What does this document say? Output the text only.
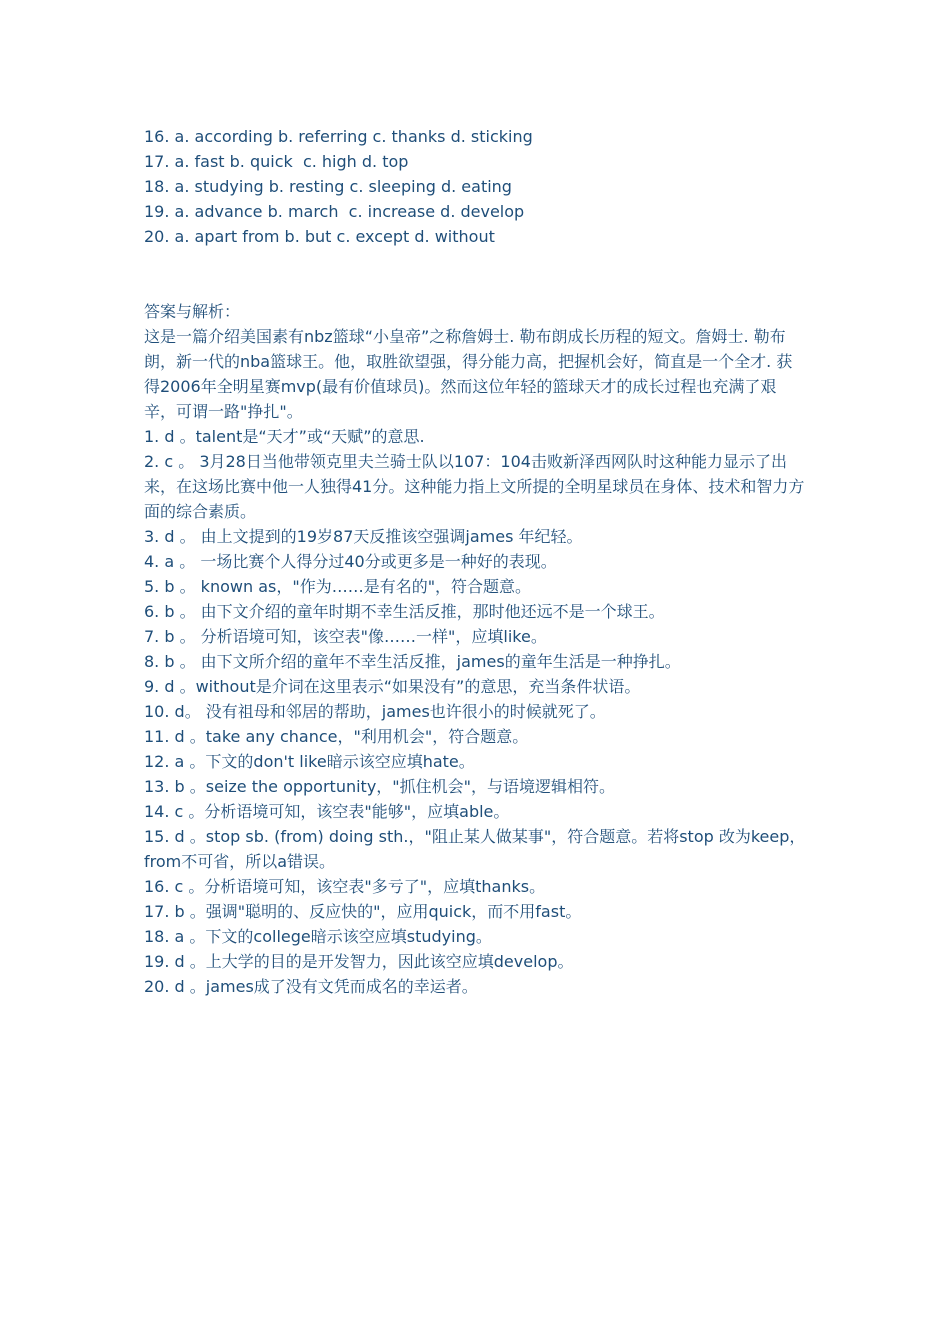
16. a. according b. referring c. thanks d. sticking
17. a. fast b. quick  c. high d. top
18. a. studying b. resting c. sleeping d. eating
19. a. advance b. march  c. increase d. develop
20. a. apart from b. but c. except d. without
答案与解析：
这是一篇介绍美国素有nbz篮球“小皇帝”之称詹姆士. 勒布朗成长历程的短文。詹姆士. 勒布朗，新一代的nba篮球王。他，取胜欲望强，得分能力高，把握机会好，简直是一个全才. 获得2006年全明星赛mvp(最有价值球员)。然而这位年轻的篮球天才的成长过程也充满了艰辛，可谓一路"挣扎"。
1. d 。talent是“天才”或“天赋”的意思.
2. c 。 3月28日当他带领克里夫兰骑士队以107：104击败新泽西网队时这种能力显示了出来，在这场比赛中他一人独得41分。这种能力指上文所提的全明星球员在身体、技术和智力方面的综合素质。
3. d 。 由上文提到的19岁87天反推该空强调james 年纪轻。
4. a 。 一场比赛个人得分过40分或更多是一种好的表现。
5. b 。 known as，"作为……是有名的"，符合题意。
6. b 。 由下文介绍的童年时期不幸生活反推，那时他还远不是一个球王。
7. b 。 分析语境可知，该空表"像……一样"，应填like。
8. b 。 由下文所介绍的童年不幸生活反推，james的童年生活是一种挣扎。
9. d 。without是介词在这里表示“如果没有”的意思，充当条件状语。
10. d。 没有祖母和邻居的帮助，james也许很小的时候就死了。
11. d 。take any chance，"利用机会"，符合题意。
12. a 。下文的don't like暗示该空应填hate。
13. b 。seize the opportunity，"抓住机会"，与语境逻辑相符。
14. c 。分析语境可知，该空表"能够"，应填able。
15. d 。stop sb. (from) doing sth.，"阻止某人做某事"，符合题意。若将stop 改为keep，from不可省，所以a错误。
16. c 。分析语境可知，该空表"多亏了"，应填thanks。
17. b 。强调"聪明的、反应快的"，应用quick，而不用fast。
18. a 。下文的college暗示该空应填studying。
19. d 。上大学的目的是开发智力，因此该空应填develop。
20. d 。james成了没有文凭而成名的幸运者。
